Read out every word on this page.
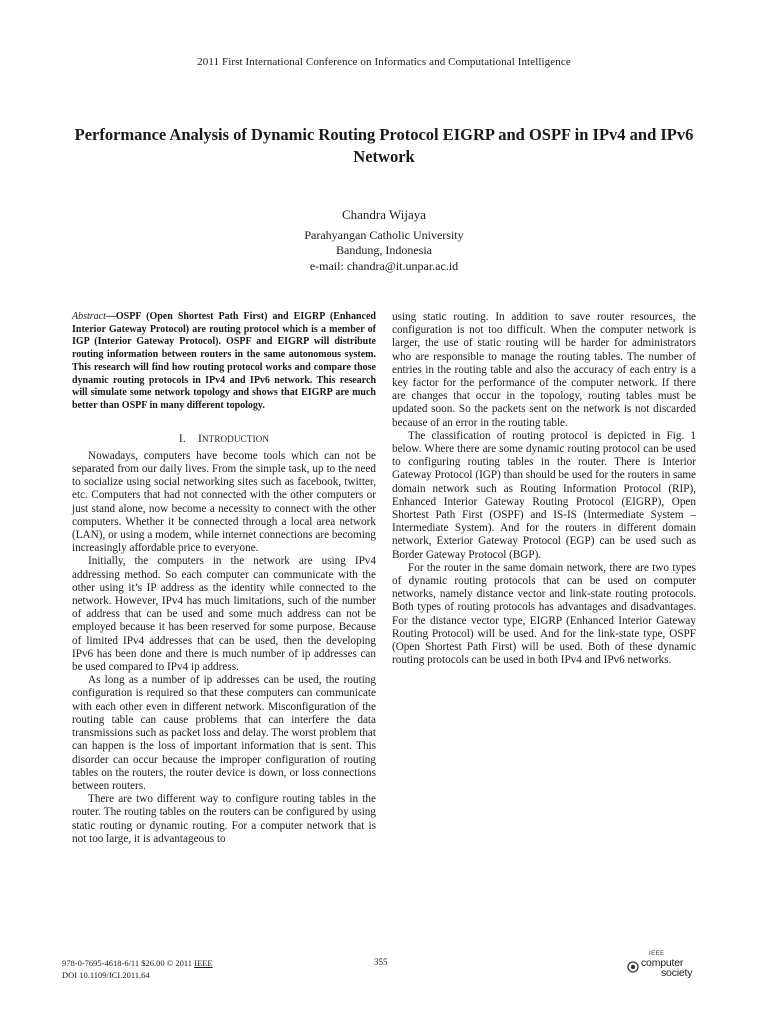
2011 First International Conference on Informatics and Computational Intelligence
Performance Analysis of Dynamic Routing Protocol EIGRP and OSPF in IPv4 and IPv6 Network
Chandra Wijaya
Parahyangan Catholic University
Bandung, Indonesia
e-mail: chandra@it.unpar.ac.id

Abstract—OSPF (Open Shortest Path First) and EIGRP (Enhanced Interior Gateway Protocol) are routing protocol which is a member of IGP (Interior Gateway Protocol). OSPF and EIGRP will distribute routing information between routers in the same autonomous system. This research will find how routing protocol works and compare those dynamic routing protocols in IPv4 and IPv6 network. This research will simulate some network topology and shows that EIGRP are much better than OSPF in many different topology.

I. INTRODUCTION

Nowadays, computers have become tools which can not be separated from our daily lives. From the simple task, up to the need to socialize using social networking sites such as facebook, twitter, etc. Computers that had not connected with the other computers or just stand alone, now become a necessity to connect with the other computers. Whether it be connected through a local area network (LAN), or using a modem, while internet connections are becoming increasingly affordable price to everyone.

Initially, the computers in the network are using IPv4 addressing method. So each computer can communicate with the other using it’s IP address as the identity while connected to the network. However, IPv4 has much limitations, such of the number of address that can be used and some much address can not be employed because it has been reserved for some purpose. Because of limited IPv4 addresses that can be used, then the developing IPv6 has been done and there is much number of ip addresses can be used compared to IPv4 ip address.

As long as a number of ip addresses can be used, the routing configuration is required so that these computers can communicate with each other even in different network. Misconfiguration of the routing table can cause problems that can interfere the data transmissions such as packet loss and delay. The worst problem that can happen is the loss of important information that is sent. This disorder can occur because the improper configuration of routing tables on the routers, the router device is down, or loss connections between routers.

There are two different way to configure routing tables in the router. The routing tables on the routers can be configured by using static routing or dynamic routing. For a computer network that is not too large, it is advantageous to

using static routing. In addition to save router resources, the configuration is not too difficult. When the computer network is larger, the use of static routing will be harder for administrators who are responsible to manage the routing tables. The number of entries in the routing table and also the accuracy of each entry is a key factor for the performance of the computer network. If there are changes that occur in the topology, routing tables must be updated soon. So the packets sent on the network is not discarded because of an error in the routing table.

The classification of routing protocol is depicted in Fig. 1 below. Where there are some dynamic routing protocol can be used to configuring routing tables in the router. There is Interior Gateway Protocol (IGP) than should be used for the routers in same domain network such as Routing Information Protocol (RIP), Enhanced Interior Gateway Routing Protocol (EIGRP), Open Shortest Path First (OSPF) and IS-IS (Intermediate System – Intermediate System). And for the routers in different domain network, Exterior Gateway Protocol (EGP) can be used such as Border Gateway Protocol (BGP).

For the router in the same domain network, there are two types of dynamic routing protocols that can be used on computer networks, namely distance vector and link-state routing protocols. Both types of routing protocols has advantages and disadvantages. For the distance vector type, EIGRP (Enhanced Interior Gateway Routing Protocol) will be used. And for the link-state type, OSPF (Open Shortest Path First) will be used. Both of these dynamic routing protocols can be used in both IPv4 and IPv6 networks.

978-0-7695-4618-6/11 $26.00 © 2011 IEEE
DOI 10.1109/ICI.2011.64
355
IEEE
computer
society
